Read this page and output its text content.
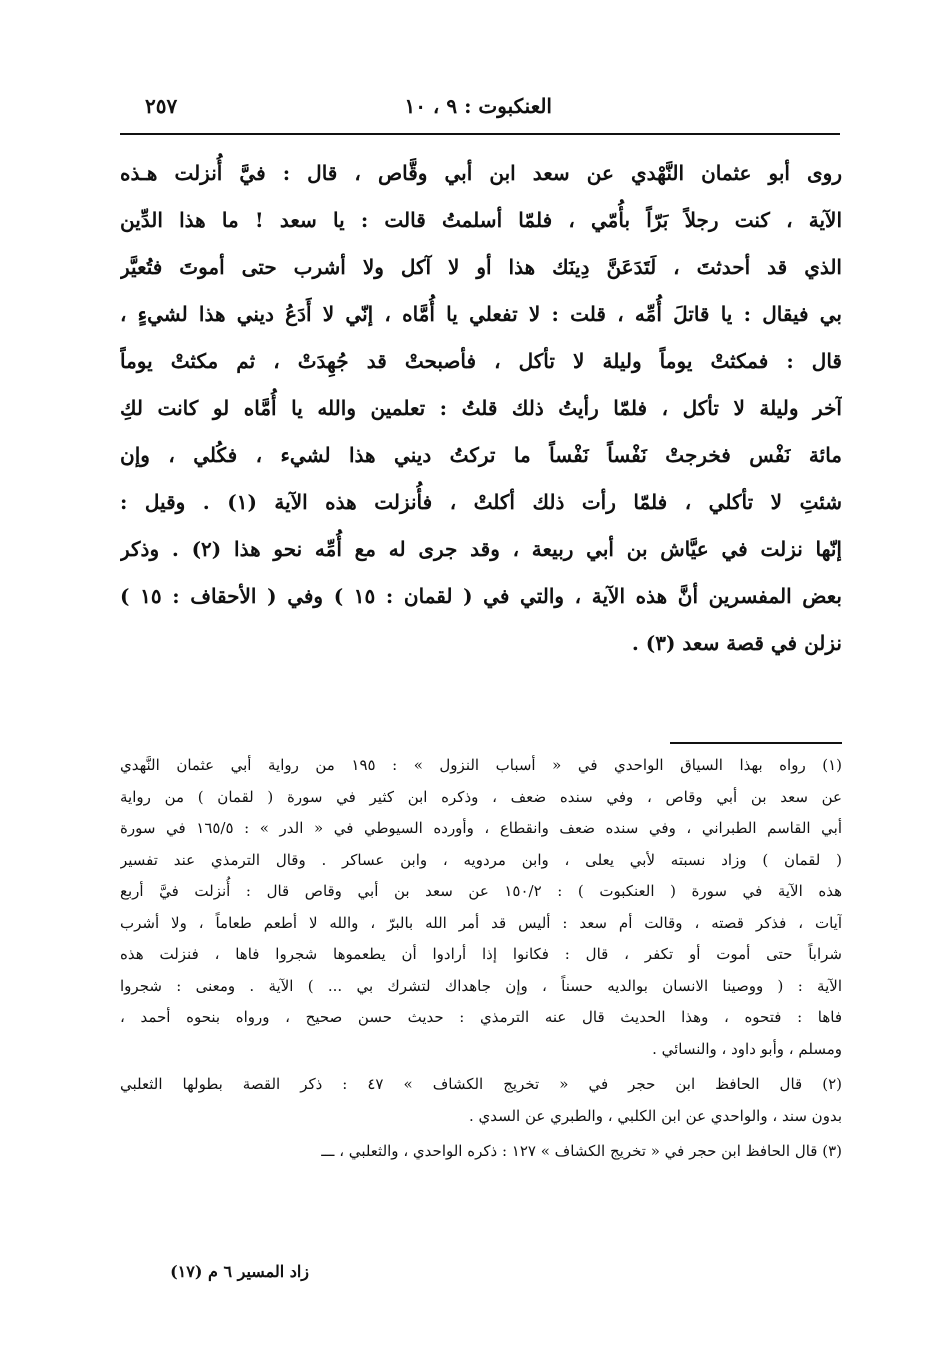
العنكبوت : ٩ ، ١٠
٢٥٧
روى أبو عثمان النَّهْدي عن سعد ابن أبي وقَّاص ، قال : فيَّ أُنزلت هـذه
الآية ، كنت رجلاً بَرّاً بأُمّي ، فلمّا أسلمتُ قالت : يا سعد ! ما هذا الدِّين
الذي قد أحدثتَ ، لَتَدَعَنَّ دِينَك هذا أو لا آكل ولا أشرب حتى أموتَ فتُعيَّر
بي فيقال : يا قاتلَ أُمِّه ، قلت : لا تفعلي يا أُمَّاه ، إنّي لا أَدَعُ ديني هذا لشيءٍ ،
قال : فمكثتْ يوماً وليلة لا تأكل ، فأصبحتْ قد جُهِدَتْ ، ثم مكثتْ يوماً
آخر وليلة لا تأكل ، فلمّا رأيتُ ذلك قلتُ : تعلمين والله يا أُمَّاه لو كانت لكِ
مائة نَفْس فخرجتْ نَفْساً نَفْساً ما تركتُ ديني هذا لشيء ، فكُلي ، وإن
شئتِ لا تأكلي ، فلمّا رأت ذلك أكلتْ ، فأُنزلت هذه الآية (١) . وقيل :
إنّها نزلت في عيَّاش بن أبي ربيعة ، وقد جرى له مع أُمِّه نحو هذا (٢) . وذكر
بعض المفسرين أنَّ هذه الآية ، والتي في ( لقمان : ١٥ ) وفي ( الأحقاف : ١٥ )
نزلن في قصة سعد (٣) .
(١) رواه بهذا السياق الواحدي في « أسباب النزول » : ١٩٥ من رواية أبي عثمان النَّهدي
عن سعد بن أبي وقاص ، وفي سنده ضعف ، وذكره ابن كثير في سورة ( لقمان ) من رواية
أبي القاسم الطبراني ، وفي سنده ضعف وانقطاع ، وأورده السيوطي في « الدر » : ١٦٥/٥ في سورة
( لقمان ) وزاد نسبته لأبي يعلى ، وابن مردويه ، وابن عساكر . وقال الترمذي عند تفسير
هذه الآية في سورة ( العنكبوت ) : ١٥٠/٢ عن سعد بن أبي وقاص قال : أُنزلت فيَّ أربع
آيات ، فذكر قصته ، وقالت أم سعد : أليس قد أمر الله بالبرّ ، والله لا أطعم طعاماً ، ولا أشرب
شراباً حتى أموت أو تكفر ، قال : فكانوا إذا أرادوا أن يطعموها شجروا فاها ، فنزلت هذه
الآية : ( ووصينا الانسان بوالديه حسناً ، وإن جاهداك لتشرك بي ... ) الآية . ومعنى : شجروا
فاها : فتحوه ، وهذا الحديث قال عنه الترمذي : حديث حسن صحيح ، ورواه بنحوه أحمد ،
ومسلم ، وأبو داود ، والنسائي .
(٢) قال الحافظ ابن حجر في « تخريج الكشاف » ٤٧ : ذكر القصة بطولها الثعلبي
بدون سند ، والواحدي عن ابن الكلبي ، والطبري عن السدي .
(٣) قال الحافظ ابن حجر في « تخريج الكشاف » ١٢٧ : ذكره الواحدي ، والثعلبي ، ـــ
زاد المسير ٦ م (١٧)
